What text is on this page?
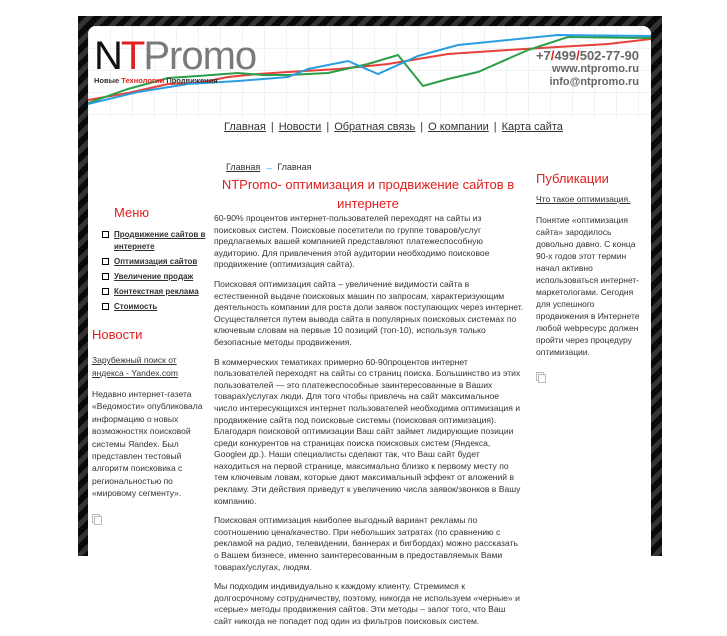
NTPromo
Новые Технологии Продвижения
+7/499/502-77-90
www.ntpromo.ru
info@ntpromo.ru
Главная | Новости | Обратная связь | О компании | Карта сайта
Главная → Главная
NTPromo- оптимизация и продвижение сайтов в интернете

60-90% процентов интернет-пользователей переходят на сайты из поисковых систем. Поисковые посетители по группе товаров/услуг предлагаемых вашей компанией представляют платежеспособную аудиторию. Для привлечения этой аудитории необходимо поисковое продвижение (оптимизация сайта).

Поисковая оптимизация сайта – увеличение видимости сайта в естественной выдаче поисковых машин по запросам, характеризующим деятельность компании для роста доли заявок поступающих через интернет. Осуществляется путем вывода сайта в популярных поисковых системах по ключевым словам на первые 10 позиций (топ-10), используя только безопасные методы продвижения.

В коммерческих тематиках примерно 60-90процентов интернет пользователей переходят на сайты со страниц поиска. Большинство из этих пользователей — это платежеспособные заинтересованные в Ваших товарах/услугах люди. Для того чтобы привлечь на сайт максимальное число интересующихся интернет пользователей необходима оптимизация и продвижение сайта под поисковые системы (поисковая оптимизация). Благодаря поисковой оптимизации Ваш сайт займет лидирующие позиции среди конкурентов на страницах поиска поисковых систем (Яндекса, Googleи др.). Наши специалисты сделают так, что Ваш сайт будет находиться на первой странице, максимально близко к первому месту по тем ключевым ловам, которые дают максимальный эффект от вложений в рекламу. Эти действия приведут к увеличению числа заявок/звонков в Вашу компанию.

Поисковая оптимизация наиболее выгодный вариант рекламы по соотношению цена/качество. При небольших затратах (по сравнению с рекламой на радио, телевидении, баннерах и бигбордах) можно рассказать о Вашем бизнесе, именно заинтересованным в предоставляемых Вами товарах/услугах, людям.

Мы подходим индивидуально к каждому клиенту. Стремимся к долгосрочному сотрудничеству, поэтому, никогда не используем «черные» и «серые» методы продвижения сайтов. Эти методы – залог того, что Ваш сайт никогда не попадет под один из фильтров поисковых систем.

Меню
Продвижение сайтов в интернете
Оптимизация сайтов
Увеличение продаж
Контекстная реклама
Стоимость
Новости
Зарубежный поиск от яндекса - Yandex.com
Недавно интернет-газета «Ведомости» опубликовала информацию о новых возможностях поисковой системы Яandex. Был представлен тестовый алгоритм поисковика с региональностью по «мировому сегменту».
Публикации
Что такое оптимизация.
Понятие «оптимизация сайта» зародилось довольно давно. С конца 90-х годов этот термин начал активно использоваться интернет-маркетологами. Сегодня для успешного продвижения в Интернете любой webресурс должен пройти через процедуру оптимизации.
